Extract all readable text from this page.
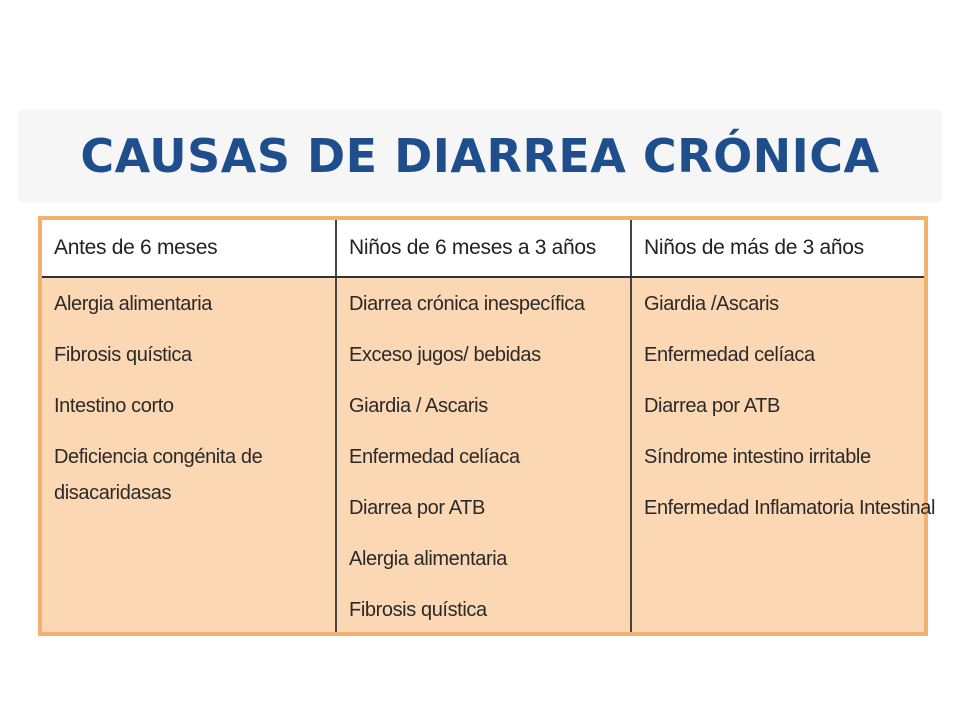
CAUSAS DE DIARREA CRÓNICA
Antes de 6 meses	Niños de 6 meses a 3 años	Niños de más de 3 años
Alergia alimentaria
Fibrosis quística
Intestino corto
Deficiencia congénita de disacaridasas
Diarrea crónica inespecífica
Exceso jugos/ bebidas
Giardia / Ascaris
Enfermedad celíaca
Diarrea por ATB
Alergia alimentaria
Fibrosis quística
Giardia /Ascaris
Enfermedad celíaca
Diarrea por ATB
Síndrome intestino irritable
Enfermedad Inflamatoria Intestinal
